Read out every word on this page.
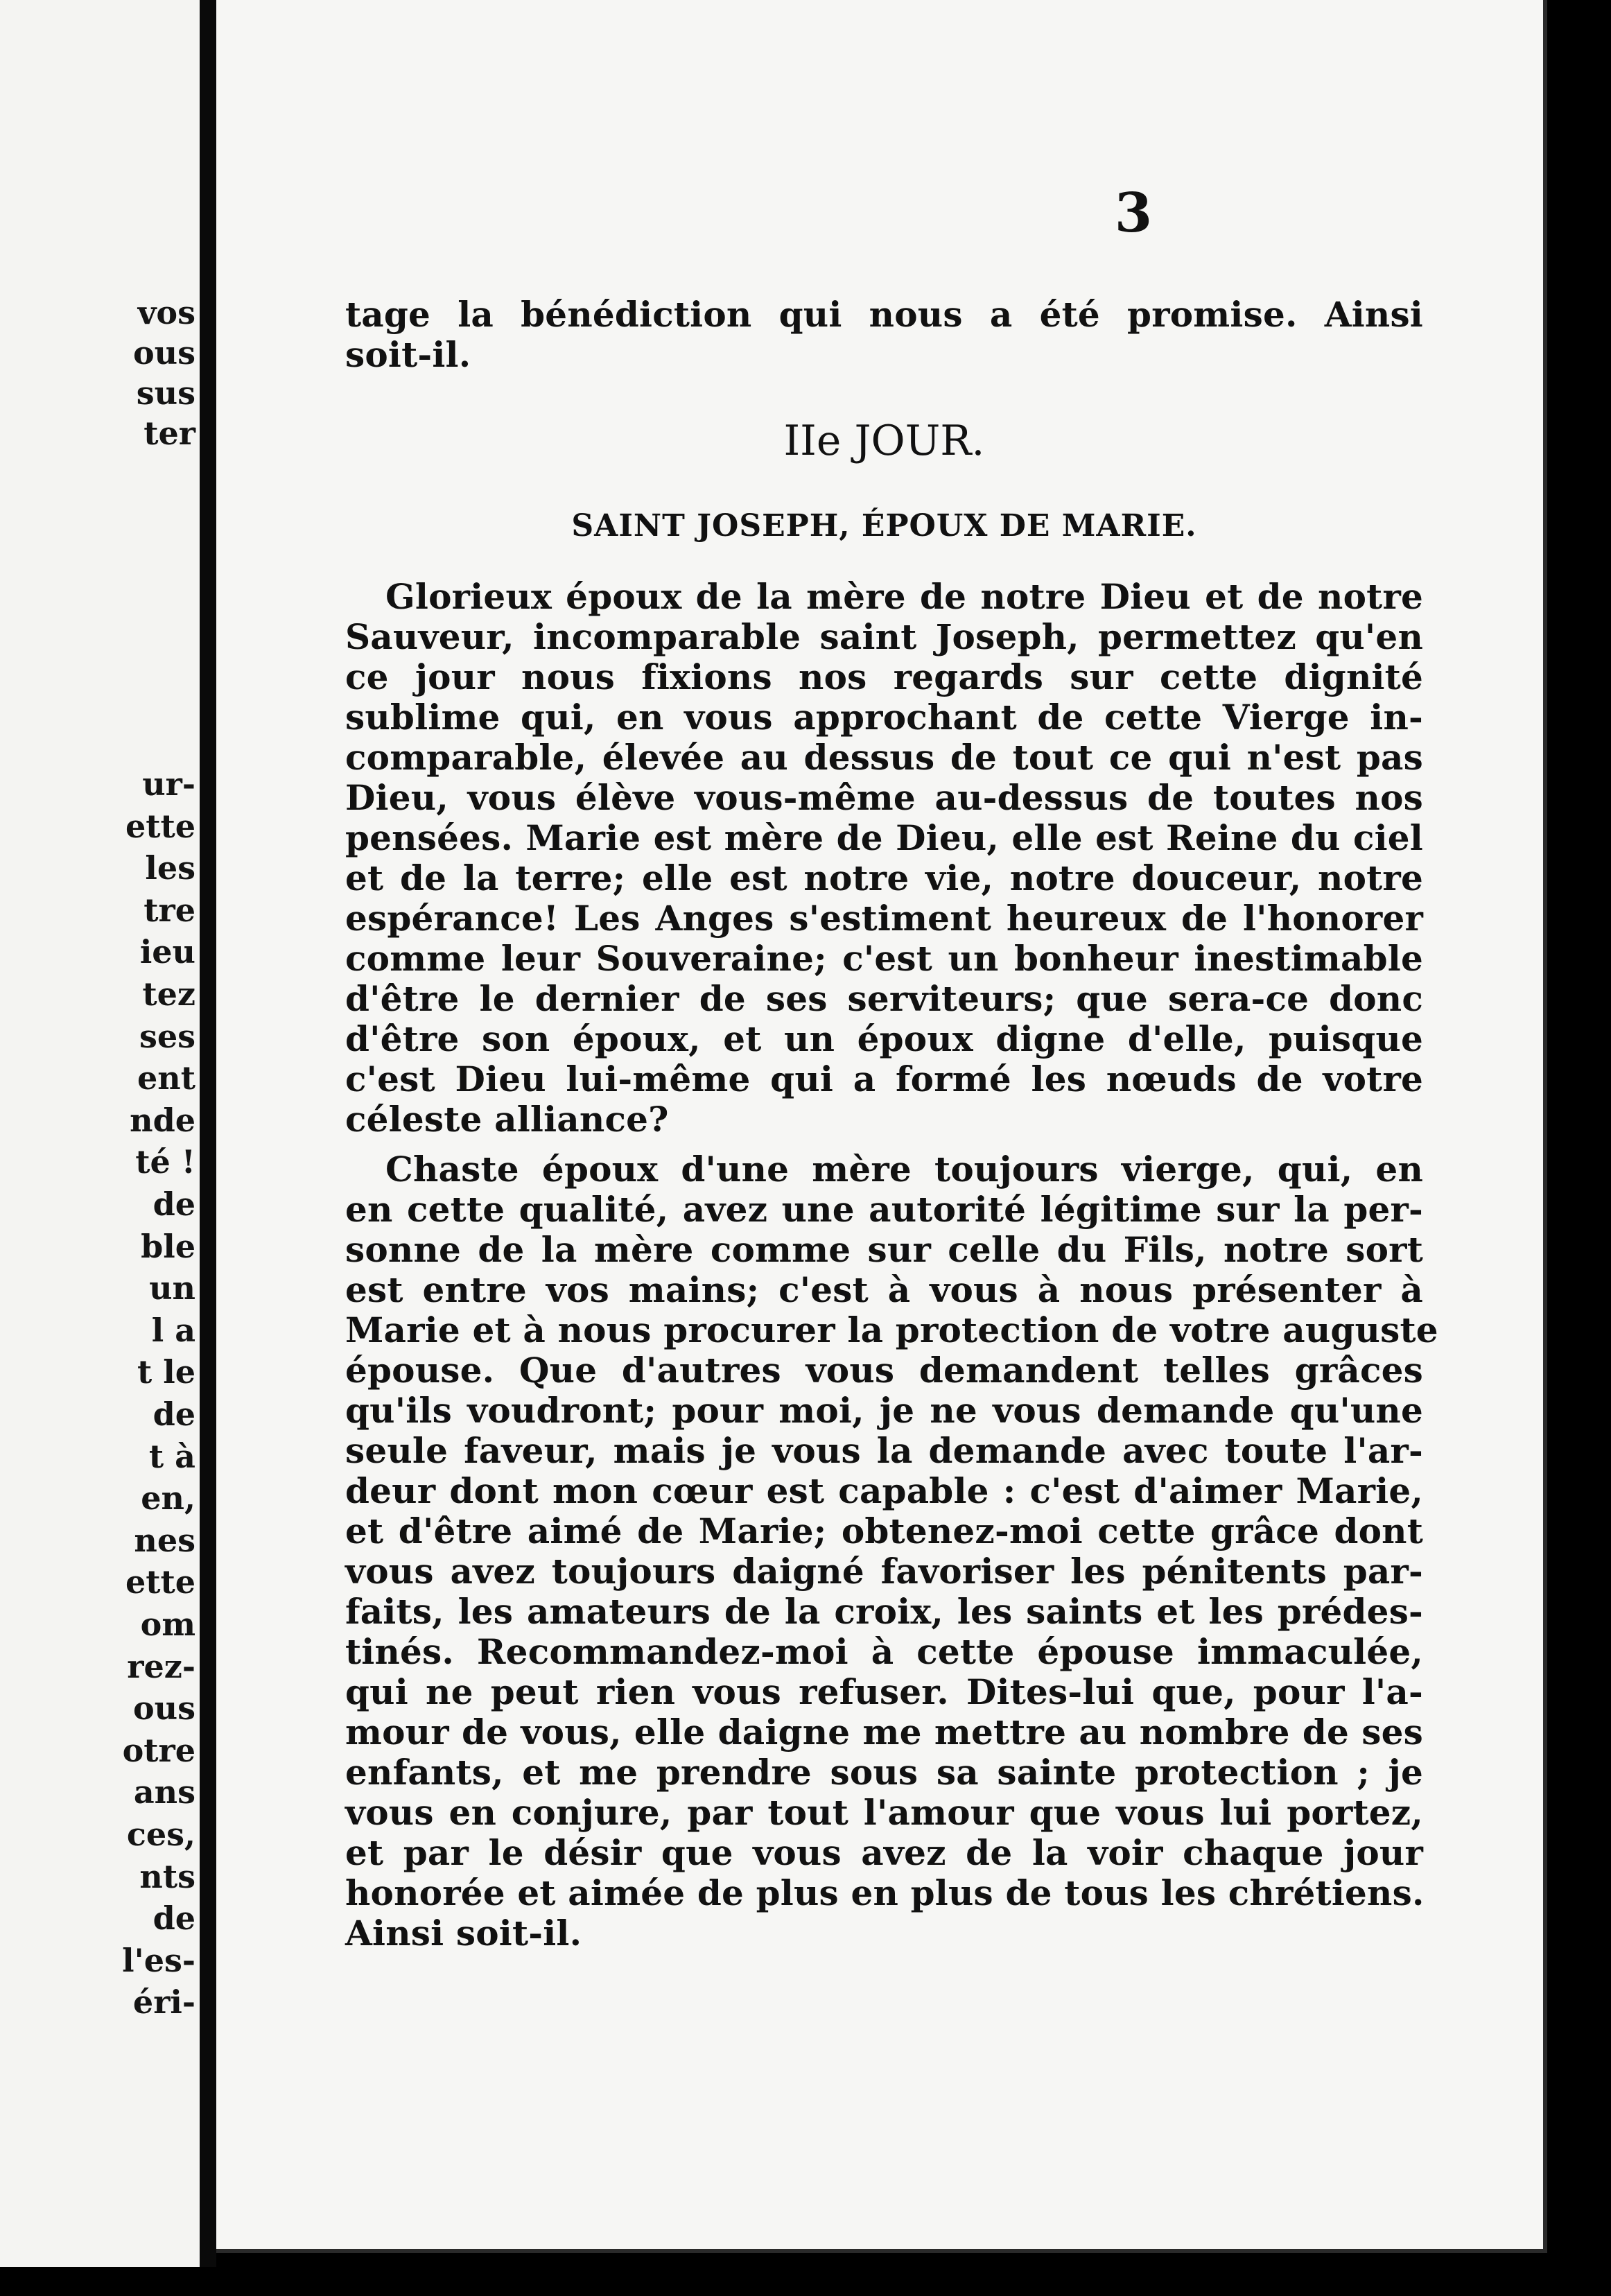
vos
ous
sus
ter
ur-
ette
les
tre
ieu
tez
ses
ent
nde
té !
de
ble
un
l a
t le
de
t à
en,
nes
ette
om
rez-
ous
otre
ans
ces,
nts
de
l'es-
éri-
3
tage la bénédiction qui nous a été promise. Ainsi
soit-il.
IIe JOUR.
SAINT JOSEPH, ÉPOUX DE MARIE.
Glorieux époux de la mère de notre Dieu et de notre
Sauveur, incomparable saint Joseph, permettez qu'en
ce jour nous fixions nos regards sur cette dignité
sublime qui, en vous approchant de cette Vierge in-
comparable, élevée au dessus de tout ce qui n'est pas
Dieu, vous élève vous-même au-dessus de toutes nos
pensées. Marie est mère de Dieu, elle est Reine du ciel
et de la terre; elle est notre vie, notre douceur, notre
espérance! Les Anges s'estiment heureux de l'honorer
comme leur Souveraine; c'est un bonheur inestimable
d'être le dernier de ses serviteurs; que sera-ce donc
d'être son époux, et un époux digne d'elle, puisque
c'est Dieu lui-même qui a formé les nœuds de votre
céleste alliance?
Chaste époux d'une mère toujours vierge, qui, en
en cette qualité, avez une autorité légitime sur la per-
sonne de la mère comme sur celle du Fils, notre sort
est entre vos mains; c'est à vous à nous présenter à
Marie et à nous procurer la protection de votre auguste
épouse. Que d'autres vous demandent telles grâces
qu'ils voudront; pour moi, je ne vous demande qu'une
seule faveur, mais je vous la demande avec toute l'ar-
deur dont mon cœur est capable : c'est d'aimer Marie,
et d'être aimé de Marie; obtenez-moi cette grâce dont
vous avez toujours daigné favoriser les pénitents par-
faits, les amateurs de la croix, les saints et les prédes-
tinés. Recommandez-moi à cette épouse immaculée,
qui ne peut rien vous refuser. Dites-lui que, pour l'a-
mour de vous, elle daigne me mettre au nombre de ses
enfants, et me prendre sous sa sainte protection ; je
vous en conjure, par tout l'amour que vous lui portez,
et par le désir que vous avez de la voir chaque jour
honorée et aimée de plus en plus de tous les chrétiens.
Ainsi soit-il.
